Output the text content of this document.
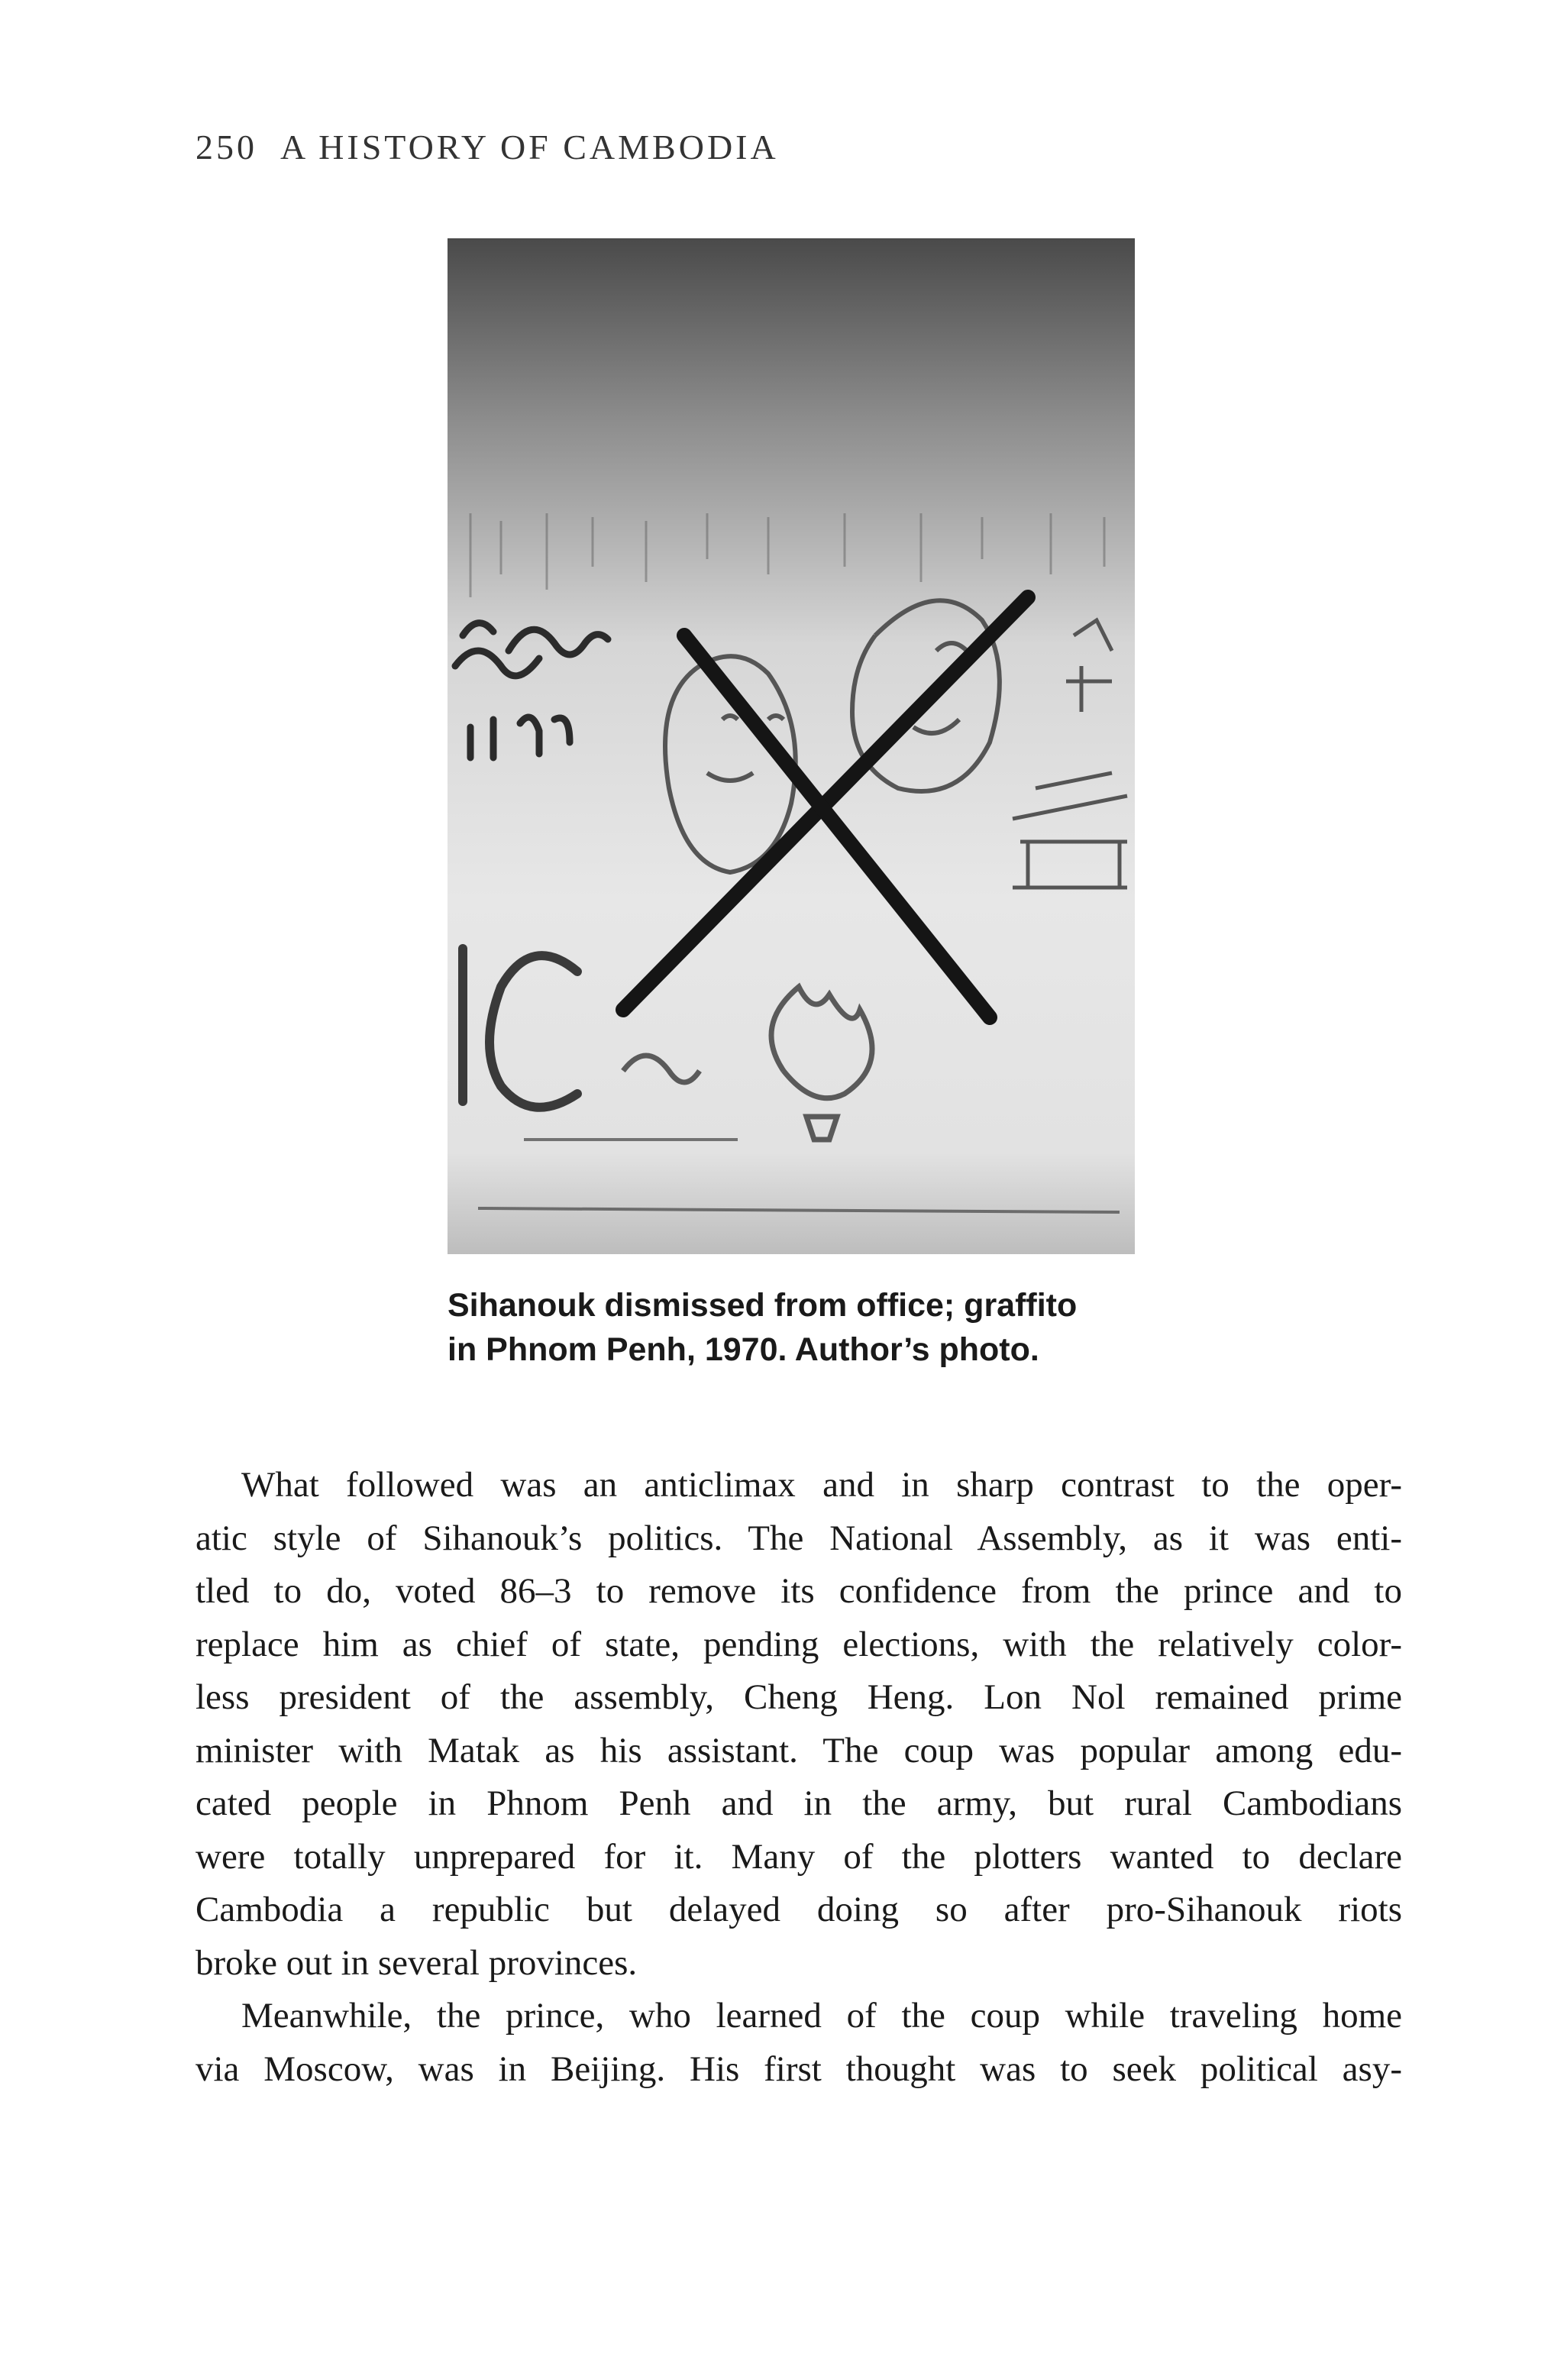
250 A HISTORY OF CAMBODIA
Sihanouk dismissed from office; graffito
in Phnom Penh, 1970. Author’s photo.
What followed was an anticlimax and in sharp contrast to the oper-
atic style of Sihanouk’s politics. The National Assembly, as it was enti-
tled to do, voted 86–3 to remove its confidence from the prince and to
replace him as chief of state, pending elections, with the relatively color-
less president of the assembly, Cheng Heng. Lon Nol remained prime
minister with Matak as his assistant. The coup was popular among edu-
cated people in Phnom Penh and in the army, but rural Cambodians
were totally unprepared for it. Many of the plotters wanted to declare
Cambodia a republic but delayed doing so after pro-Sihanouk riots
broke out in several provinces.
Meanwhile, the prince, who learned of the coup while traveling home
via Moscow, was in Beijing. His first thought was to seek political asy-
